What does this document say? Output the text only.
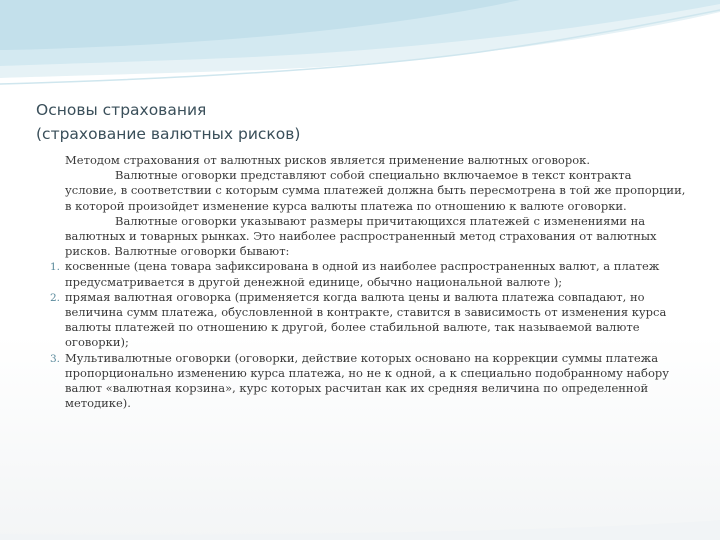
Основы страхования
(страхование валютных рисков)

Методом страхования от валютных рисков является применение валютных оговорок.

Валютные оговорки представляют собой специально включаемое в текст контракта условие, в соответствии с которым сумма платежей должна быть пересмотрена в той же пропорции, в которой произойдет изменение курса валюты платежа по отношению к валюте оговорки.

Валютные оговорки указывают размеры причитающихся платежей с изменениями на валютных и товарных рынках. Это наиболее распространенный метод страхования от валютных рисков. Валютные оговорки бывают:

1. косвенные (цена товара зафиксирована в одной из наиболее распространенных валют, а платеж предусматривается в другой денежной единице, обычно национальной валюте );
2. прямая валютная оговорка (применяется когда валюта цены и валюта платежа совпадают, но величина сумм платежа, обусловленной в контракте, ставится в зависимость от изменения курса валюты платежей по отношению к другой, более стабильной валюте, так называемой валюте оговорки);
3. Мультивалютные оговорки (оговорки, действие которых основано на коррекции суммы платежа пропорционально изменению курса платежа, но не к одной, а к специально подобранному набору валют «валютная корзина», курс которых расчитан как их средняя величина по определенной методике).
